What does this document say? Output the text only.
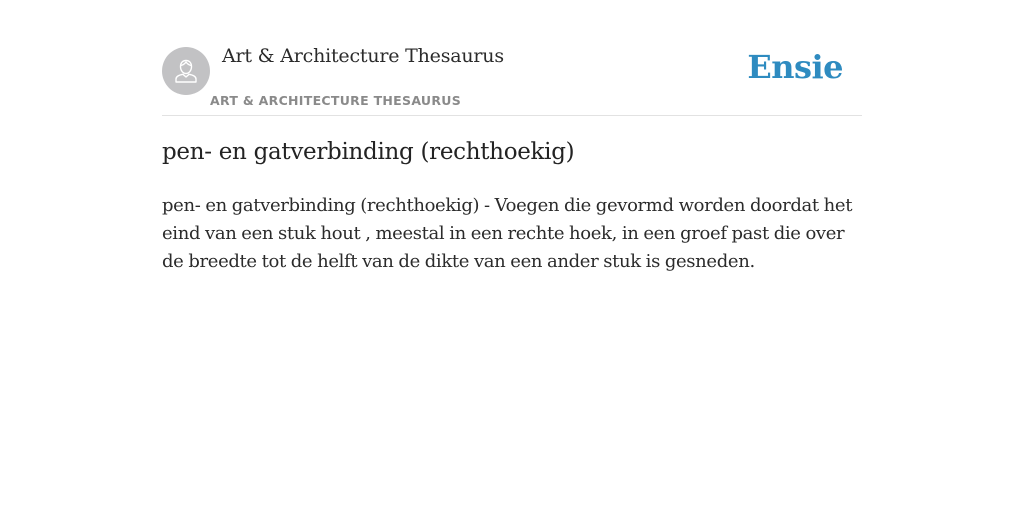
Art & Architecture Thesaurus
ART & ARCHITECTURE THESAURUS
Ensie
pen- en gatverbinding (rechthoekig)
pen- en gatverbinding (rechthoekig) - Voegen die gevormd worden doordat het eind van een stuk hout , meestal in een rechte hoek, in een groef past die over de breedte tot de helft van de dikte van een ander stuk is gesneden.
